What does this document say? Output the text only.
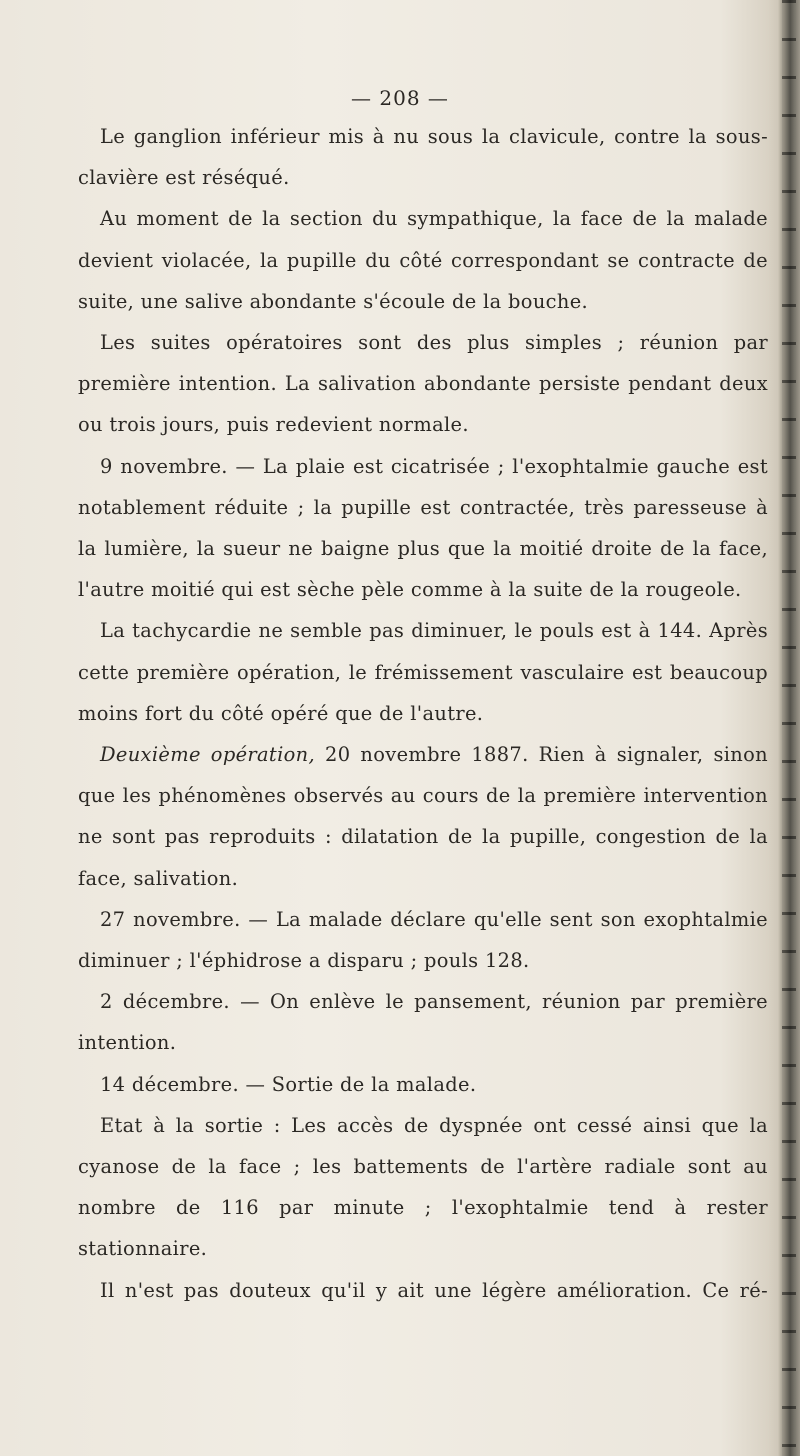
— 208 —

Le ganglion inférieur mis à nu sous la clavicule, contre la sous-clavière est réséqué.

Au moment de la section du sympathique, la face de la malade devient violacée, la pupille du côté correspondant se contracte de suite, une salive abondante s'écoule de la bouche.

Les suites opératoires sont des plus simples ; réunion par première intention. La salivation abondante persiste pendant deux ou trois jours, puis redevient normale.

9 novembre. — La plaie est cicatrisée ; l'exophtalmie gauche est notablement réduite ; la pupille est contractée, très paresseuse à la lumière, la sueur ne baigne plus que la moitié droite de la face, l'autre moitié qui est sèche pèle comme à la suite de la rougeole.

La tachycardie ne semble pas diminuer, le pouls est à 144. Après cette première opération, le frémissement vasculaire est beaucoup moins fort du côté opéré que de l'autre.

Deuxième opération, 20 novembre 1887. Rien à signaler, sinon que les phénomènes observés au cours de la première intervention ne sont pas reproduits : dilatation de la pupille, congestion de la face, salivation.

27 novembre. — La malade déclare qu'elle sent son exophtalmie diminuer ; l'éphidrose a disparu ; pouls 128.

2 décembre. — On enlève le pansement, réunion par première intention.

14 décembre. — Sortie de la malade.

Etat à la sortie : Les accès de dyspnée ont cessé ainsi que la cyanose de la face ; les battements de l'artère radiale sont au nombre de 116 par minute ; l'exophtalmie tend à rester stationnaire.

Il n'est pas douteux qu'il y ait une légère amélioration. Ce ré-
